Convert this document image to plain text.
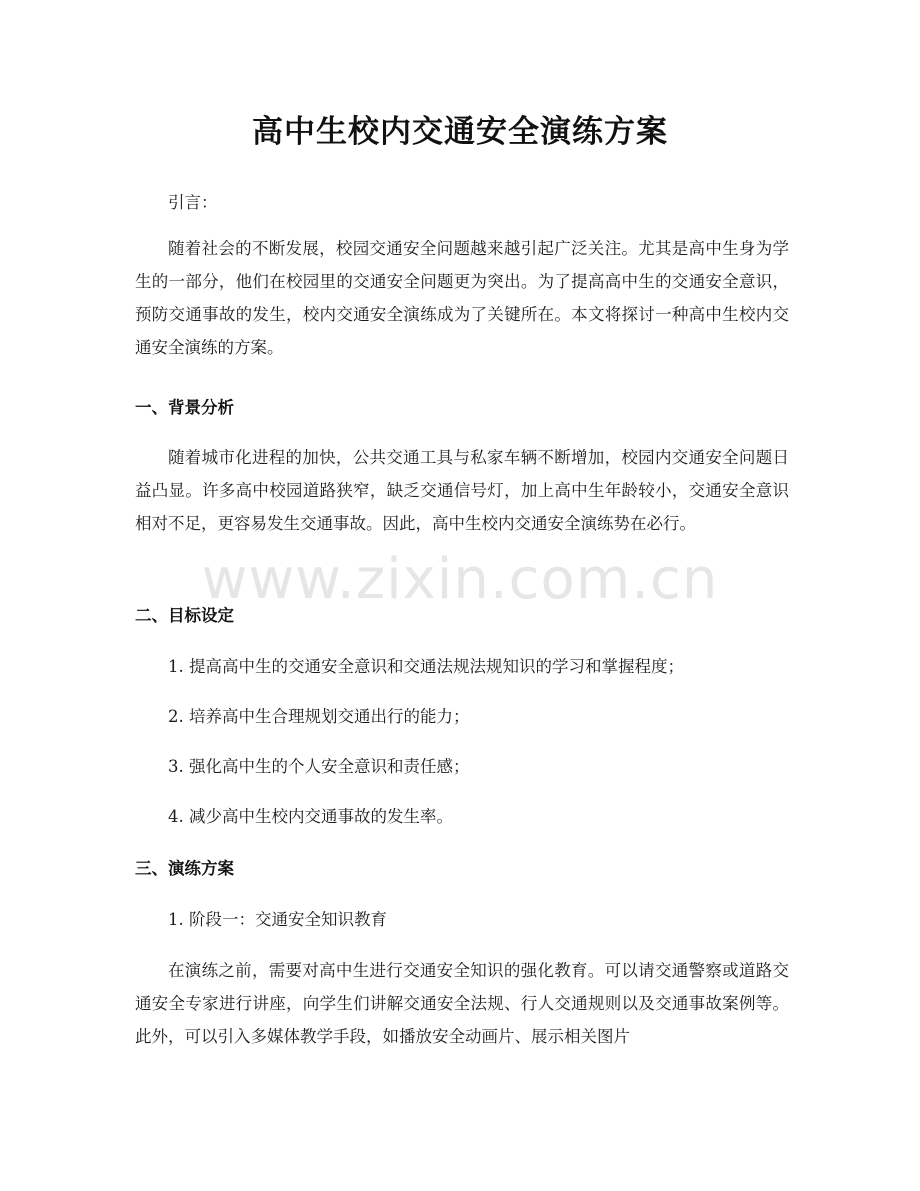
高中生校内交通安全演练方案
引言：
随着社会的不断发展，校园交通安全问题越来越引起广泛关注。尤其是高中生身为学生的一部分，他们在校园里的交通安全问题更为突出。为了提高高中生的交通安全意识，预防交通事故的发生，校内交通安全演练成为了关键所在。本文将探讨一种高中生校内交通安全演练的方案。
一、背景分析
随着城市化进程的加快，公共交通工具与私家车辆不断增加，校园内交通安全问题日益凸显。许多高中校园道路狭窄，缺乏交通信号灯，加上高中生年龄较小，交通安全意识相对不足，更容易发生交通事故。因此，高中生校内交通安全演练势在必行。
二、目标设定
1. 提高高中生的交通安全意识和交通法规法规知识的学习和掌握程度；
2. 培养高中生合理规划交通出行的能力；
3. 强化高中生的个人安全意识和责任感；
4. 减少高中生校内交通事故的发生率。
三、演练方案
1. 阶段一：交通安全知识教育
在演练之前，需要对高中生进行交通安全知识的强化教育。可以请交通警察或道路交通安全专家进行讲座，向学生们讲解交通安全法规、行人交通规则以及交通事故案例等。此外，可以引入多媒体教学手段，如播放安全动画片、展示相关图片
www.zixin.com.cn
